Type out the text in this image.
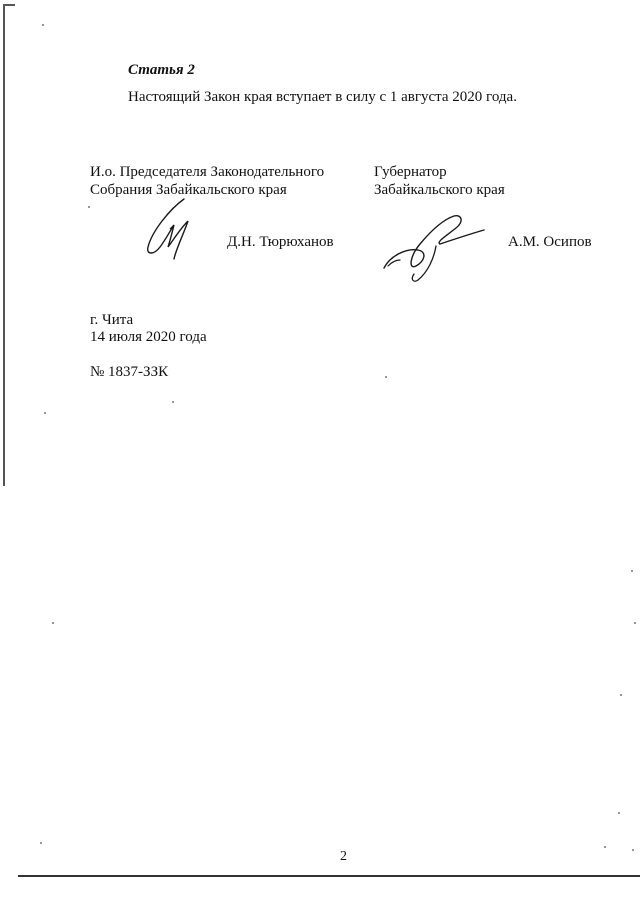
Статья 2
Настоящий Закон края вступает в силу с 1 августа 2020 года.
И.о. Председателя Законодательного
Собрания Забайкальского края
Д.Н. Тюрюханов
Губернатор
Забайкальского края
А.М. Осипов
г. Чита
14 июля 2020 года
№ 1837-ЗЗК
2
